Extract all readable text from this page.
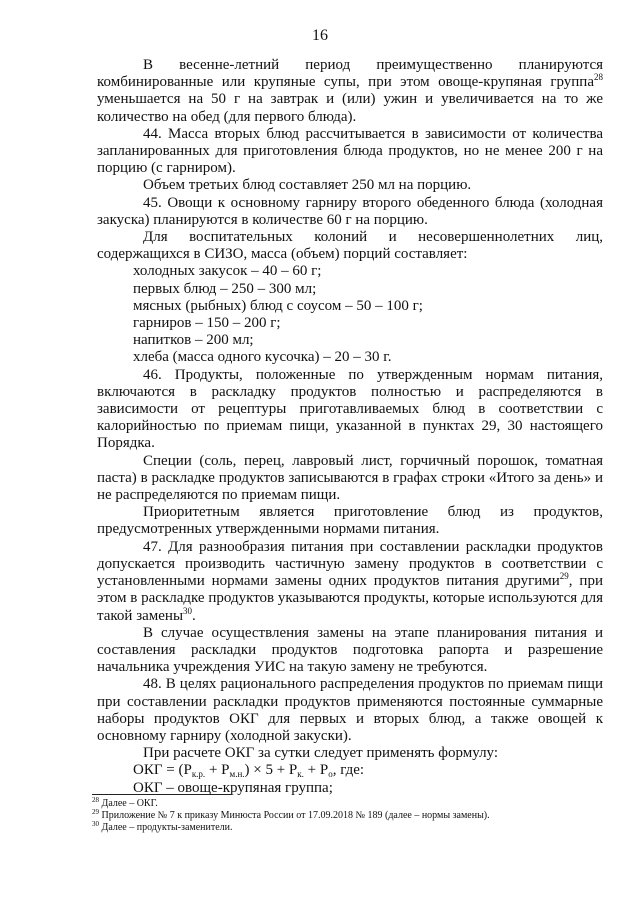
16

В весенне-летний период преимущественно планируются комбинированные или крупяные супы, при этом овоще-крупяная группа$^{28}$ уменьшается на 50 г на завтрак и (или) ужин и увеличивается на то же количество на обед (для первого блюда).

44. Масса вторых блюд рассчитывается в зависимости от количества запланированных для приготовления блюда продуктов, но не менее 200 г на порцию (с гарниром).

Объем третьих блюд составляет 250 мл на порцию.

45. Овощи к основному гарниру второго обеденного блюда (холодная закуска) планируются в количестве 60 г на порцию.

Для воспитательных колоний и несовершеннолетних лиц, содержащихся в СИЗО, масса (объем) порций составляет:

холодных закусок – 40 – 60 г;

первых блюд – 250 – 300 мл;

мясных (рыбных) блюд с соусом – 50 – 100 г;

гарниров – 150 – 200 г;

напитков – 200 мл;

хлеба (масса одного кусочка) – 20 – 30 г.

46. Продукты, положенные по утвержденным нормам питания, включаются в раскладку продуктов полностью и распределяются в зависимости от рецептуры приготавливаемых блюд в соответствии с калорийностью по приемам пищи, указанной в пунктах 29, 30 настоящего Порядка.

Специи (соль, перец, лавровый лист, горчичный порошок, томатная паста) в раскладке продуктов записываются в графах строки «Итого за день» и не распределяются по приемам пищи.

Приоритетным является приготовление блюд из продуктов, предусмотренных утвержденными нормами питания.

47. Для разнообразия питания при составлении раскладки продуктов допускается производить частичную замену продуктов в соответствии с установленными нормами замены одних продуктов питания другими$^{29}$, при этом в раскладке продуктов указываются продукты, которые используются для такой замены$^{30}$.

В случае осуществления замены на этапе планирования питания и составления раскладки продуктов подготовка рапорта и разрешение начальника учреждения УИС на такую замену не требуются.

48. В целях рационального распределения продуктов по приемам пищи при составлении раскладки продуктов применяются постоянные суммарные наборы продуктов ОКГ для первых и вторых блюд, а также овощей к основному гарниру (холодной закуски).

При расчете ОКГ за сутки следует применять формулу:

ОКГ = $(Р_{к.р.} + Р_{м.н.}) \times 5 + Р_{к.} + Р_о$, где:

ОКГ – овоще-крупяная группа;

$^{28}$ Далее – ОКГ.

$^{29}$ Приложение № 7 к приказу Минюста России от 17.09.2018 № 189 (далее – нормы замены).

$^{30}$ Далее – продукты-заменители.
